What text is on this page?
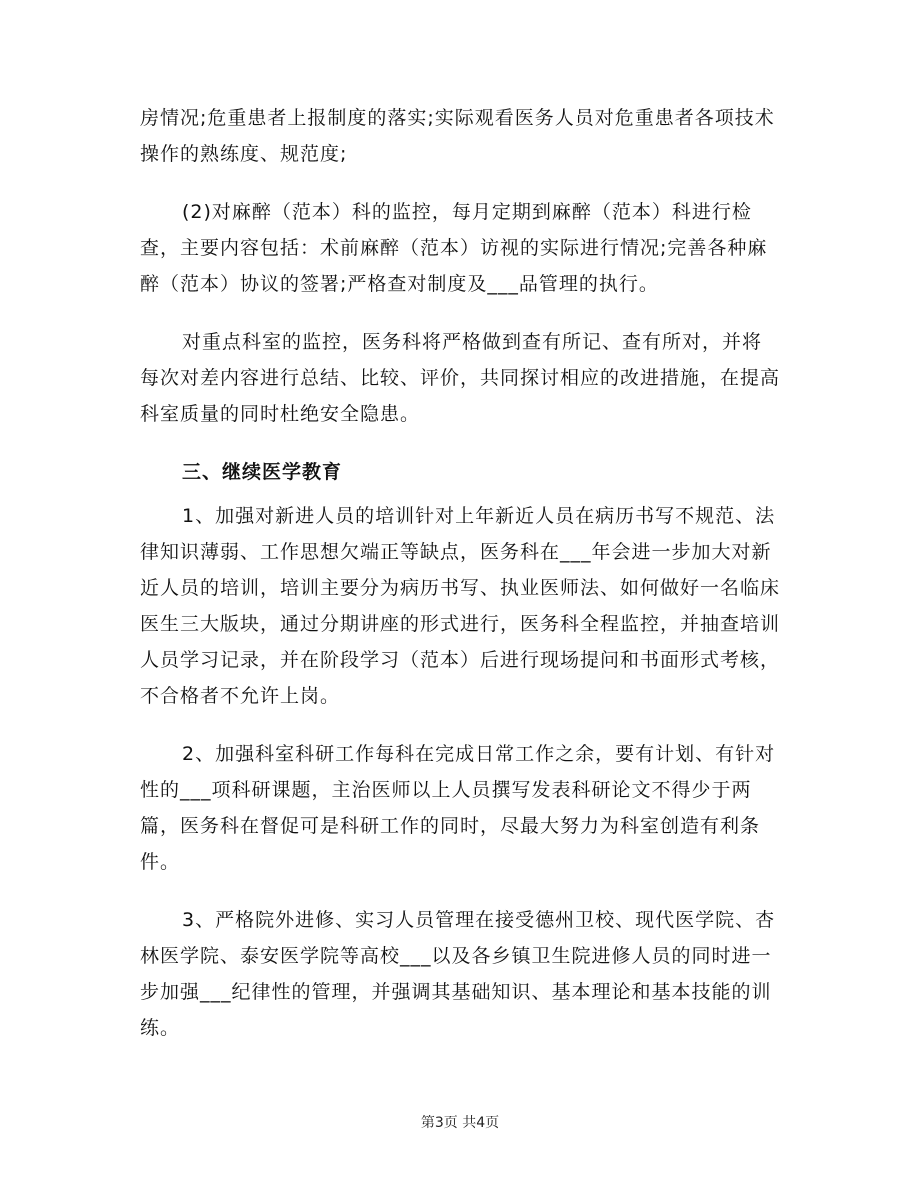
房情况;危重患者上报制度的落实;实际观看医务人员对危重患者各项技术操作的熟练度、规范度;

(2)对麻醉（范本）科的监控，每月定期到麻醉（范本）科进行检查，主要内容包括：术前麻醉（范本）访视的实际进行情况;完善各种麻醉（范本）协议的签署;严格查对制度及___品管理的执行。

对重点科室的监控，医务科将严格做到查有所记、查有所对，并将每次对差内容进行总结、比较、评价，共同探讨相应的改进措施，在提高科室质量的同时杜绝安全隐患。

三、继续医学教育

1、加强对新进人员的培训针对上年新近人员在病历书写不规范、法律知识薄弱、工作思想欠端正等缺点，医务科在___年会进一步加大对新近人员的培训，培训主要分为病历书写、执业医师法、如何做好一名临床医生三大版块，通过分期讲座的形式进行，医务科全程监控，并抽查培训人员学习记录，并在阶段学习（范本）后进行现场提问和书面形式考核，不合格者不允许上岗。

2、加强科室科研工作每科在完成日常工作之余，要有计划、有针对性的___项科研课题，主治医师以上人员撰写发表科研论文不得少于两篇，医务科在督促可是科研工作的同时，尽最大努力为科室创造有利条件。

3、严格院外进修、实习人员管理在接受德州卫校、现代医学院、杏林医学院、泰安医学院等高校___以及各乡镇卫生院进修人员的同时进一步加强___纪律性的管理，并强调其基础知识、基本理论和基本技能的训练。

第3页 共4页
